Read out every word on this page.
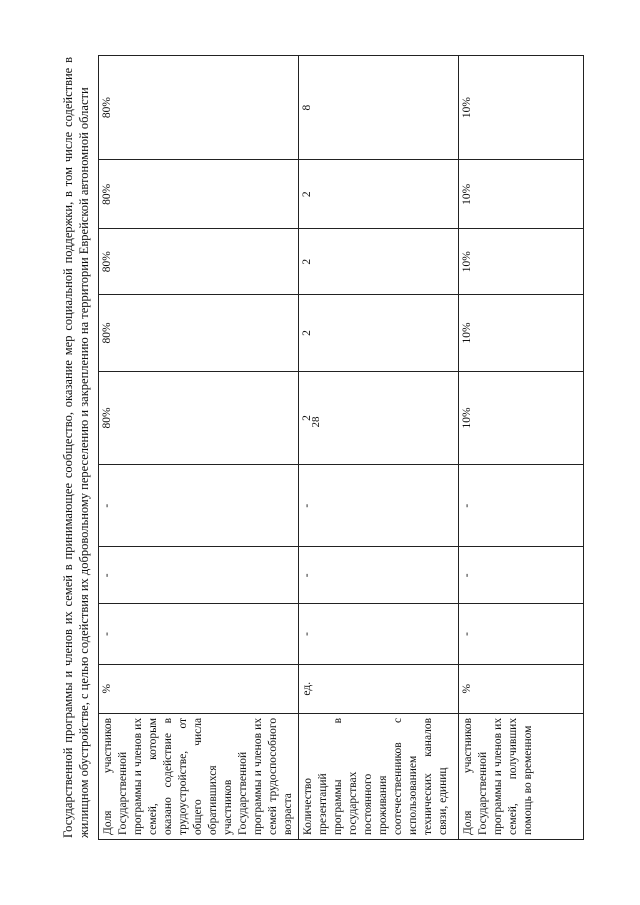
28
Государственной программы и членов их семей в принимающее сообщество, оказание мер социальной поддержки, в том числе содействие в жилищном обустройстве, с целью содействия их добровольному переселению и закреплению на территории Еврейской автономной области Доля участников Государственной программы и членов их семей, которым оказано содействие в трудоустройстве, от общего числа обратившихся участников Государственной программы и членов их семей трудоспособного возраста	%	-	-	-	80%	80%	80%	80%	80%
Количество презентаций программы в государствах постоянного проживания соотечественников с использованием технических каналов связи, единиц	ед.	-	-	-	2	2	2	2	8
Доля участников Государственной программы и членов их семей, получивших помощь во временном	%	-	-	-	10%	10%	10%	10%	10%
